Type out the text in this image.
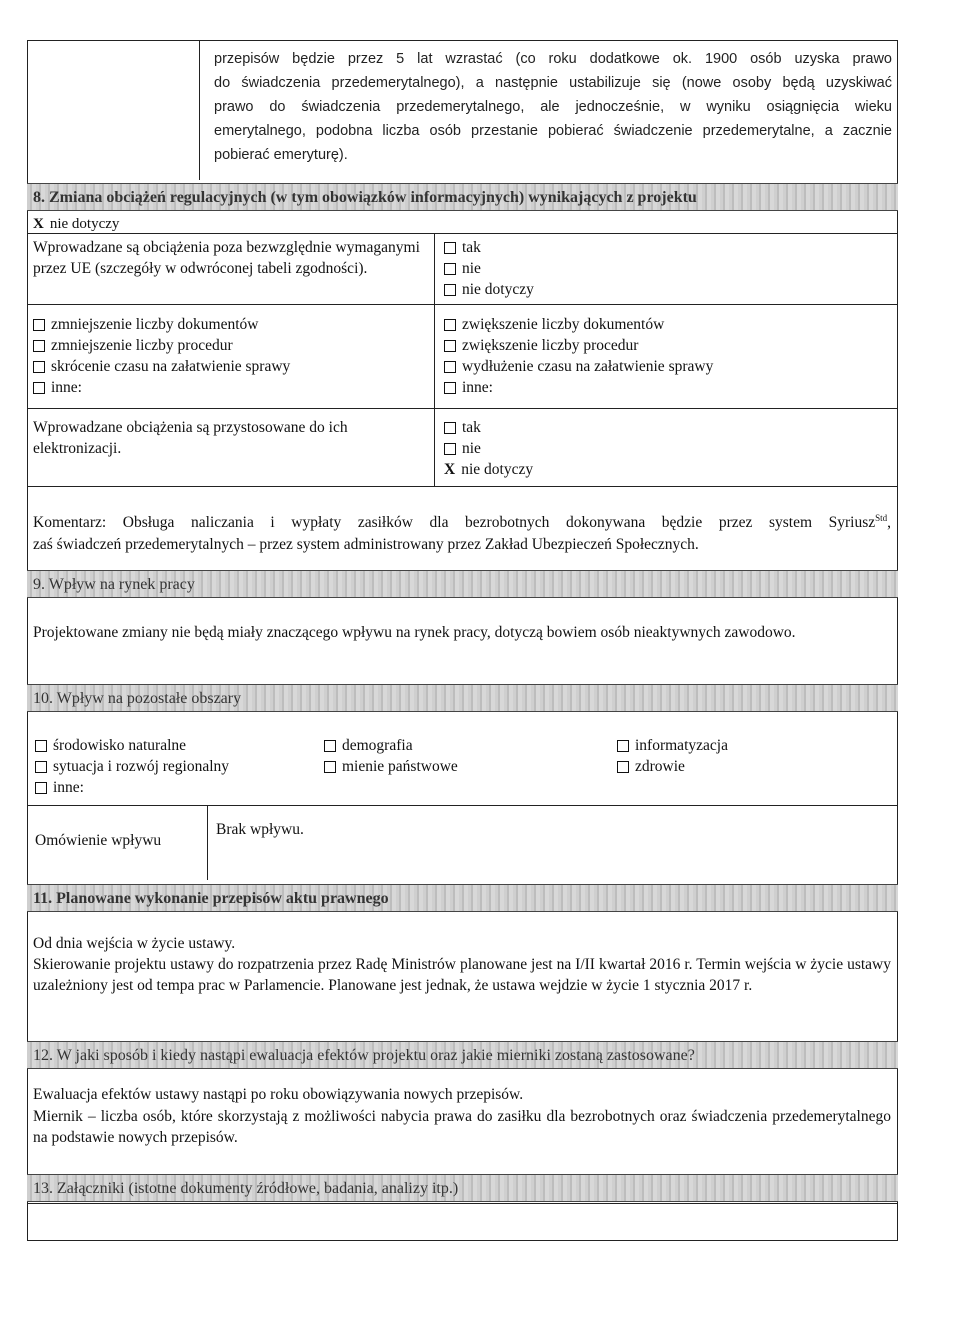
przepisów będzie przez 5 lat wzrastać (co roku dodatkowe ok. 1900 osób uzyska prawo
do świadczenia przedemerytalnego), a następnie ustabilizuje się (nowe osoby będą uzyskiwać
prawo do świadczenia przedemerytalnego, ale jednocześnie, w wyniku osiągnięcia wieku
emerytalnego, podobna liczba osób przestanie pobierać świadczenie przedemerytalne, a zacznie
pobierać emeryturę).
8. Zmiana obciążeń regulacyjnych (w tym obowiązków informacyjnych) wynikających z projektu
X nie dotyczy
Wprowadzane są obciążenia poza bezwzględnie wymaganymi przez UE (szczegóły w odwróconej tabeli zgodności).
tak
nie
nie dotyczy
zmniejszenie liczby dokumentów
zmniejszenie liczby procedur
skrócenie czasu na załatwienie sprawy
inne:
zwiększenie liczby dokumentów
zwiększenie liczby procedur
wydłużenie czasu na załatwienie sprawy
inne:
Wprowadzane obciążenia są przystosowane do ich elektronizacji.
tak
nie
X nie dotyczy
Komentarz: Obsługa naliczania i wypłaty zasiłków dla bezrobotnych dokonywana będzie przez system Syriusz$^{Std}$,
zaś świadczeń przedemerytalnych – przez system administrowany przez Zakład Ubezpieczeń Społecznych.
9. Wpływ na rynek pracy
Projektowane zmiany nie będą miały znaczącego wpływu na rynek pracy, dotyczą bowiem osób nieaktywnych zawodowo.
10. Wpływ na pozostałe obszary
środowisko naturalne
sytuacja i rozwój regionalny
inne:
demografia
mienie państwowe
informatyzacja
zdrowie
Omówienie wpływu
Brak wpływu.
11. Planowane wykonanie przepisów aktu prawnego
Od dnia wejścia w życie ustawy.
Skierowanie projektu ustawy do rozpatrzenia przez Radę Ministrów planowane jest na I/II kwartał 2016 r. Termin wejścia w życie ustawy uzależniony jest od tempa prac w Parlamencie. Planowane jest jednak, że ustawa wejdzie w życie 1 stycznia 2017 r.
12. W jaki sposób i kiedy nastąpi ewaluacja efektów projektu oraz jakie mierniki zostaną zastosowane?
Ewaluacja efektów ustawy nastąpi po roku obowiązywania nowych przepisów.
Miernik – liczba osób, które skorzystają z możliwości nabycia prawa do zasiłku dla bezrobotnych oraz świadczenia przedemerytalnego na podstawie nowych przepisów.
13. Załączniki (istotne dokumenty źródłowe, badania, analizy itp.)
